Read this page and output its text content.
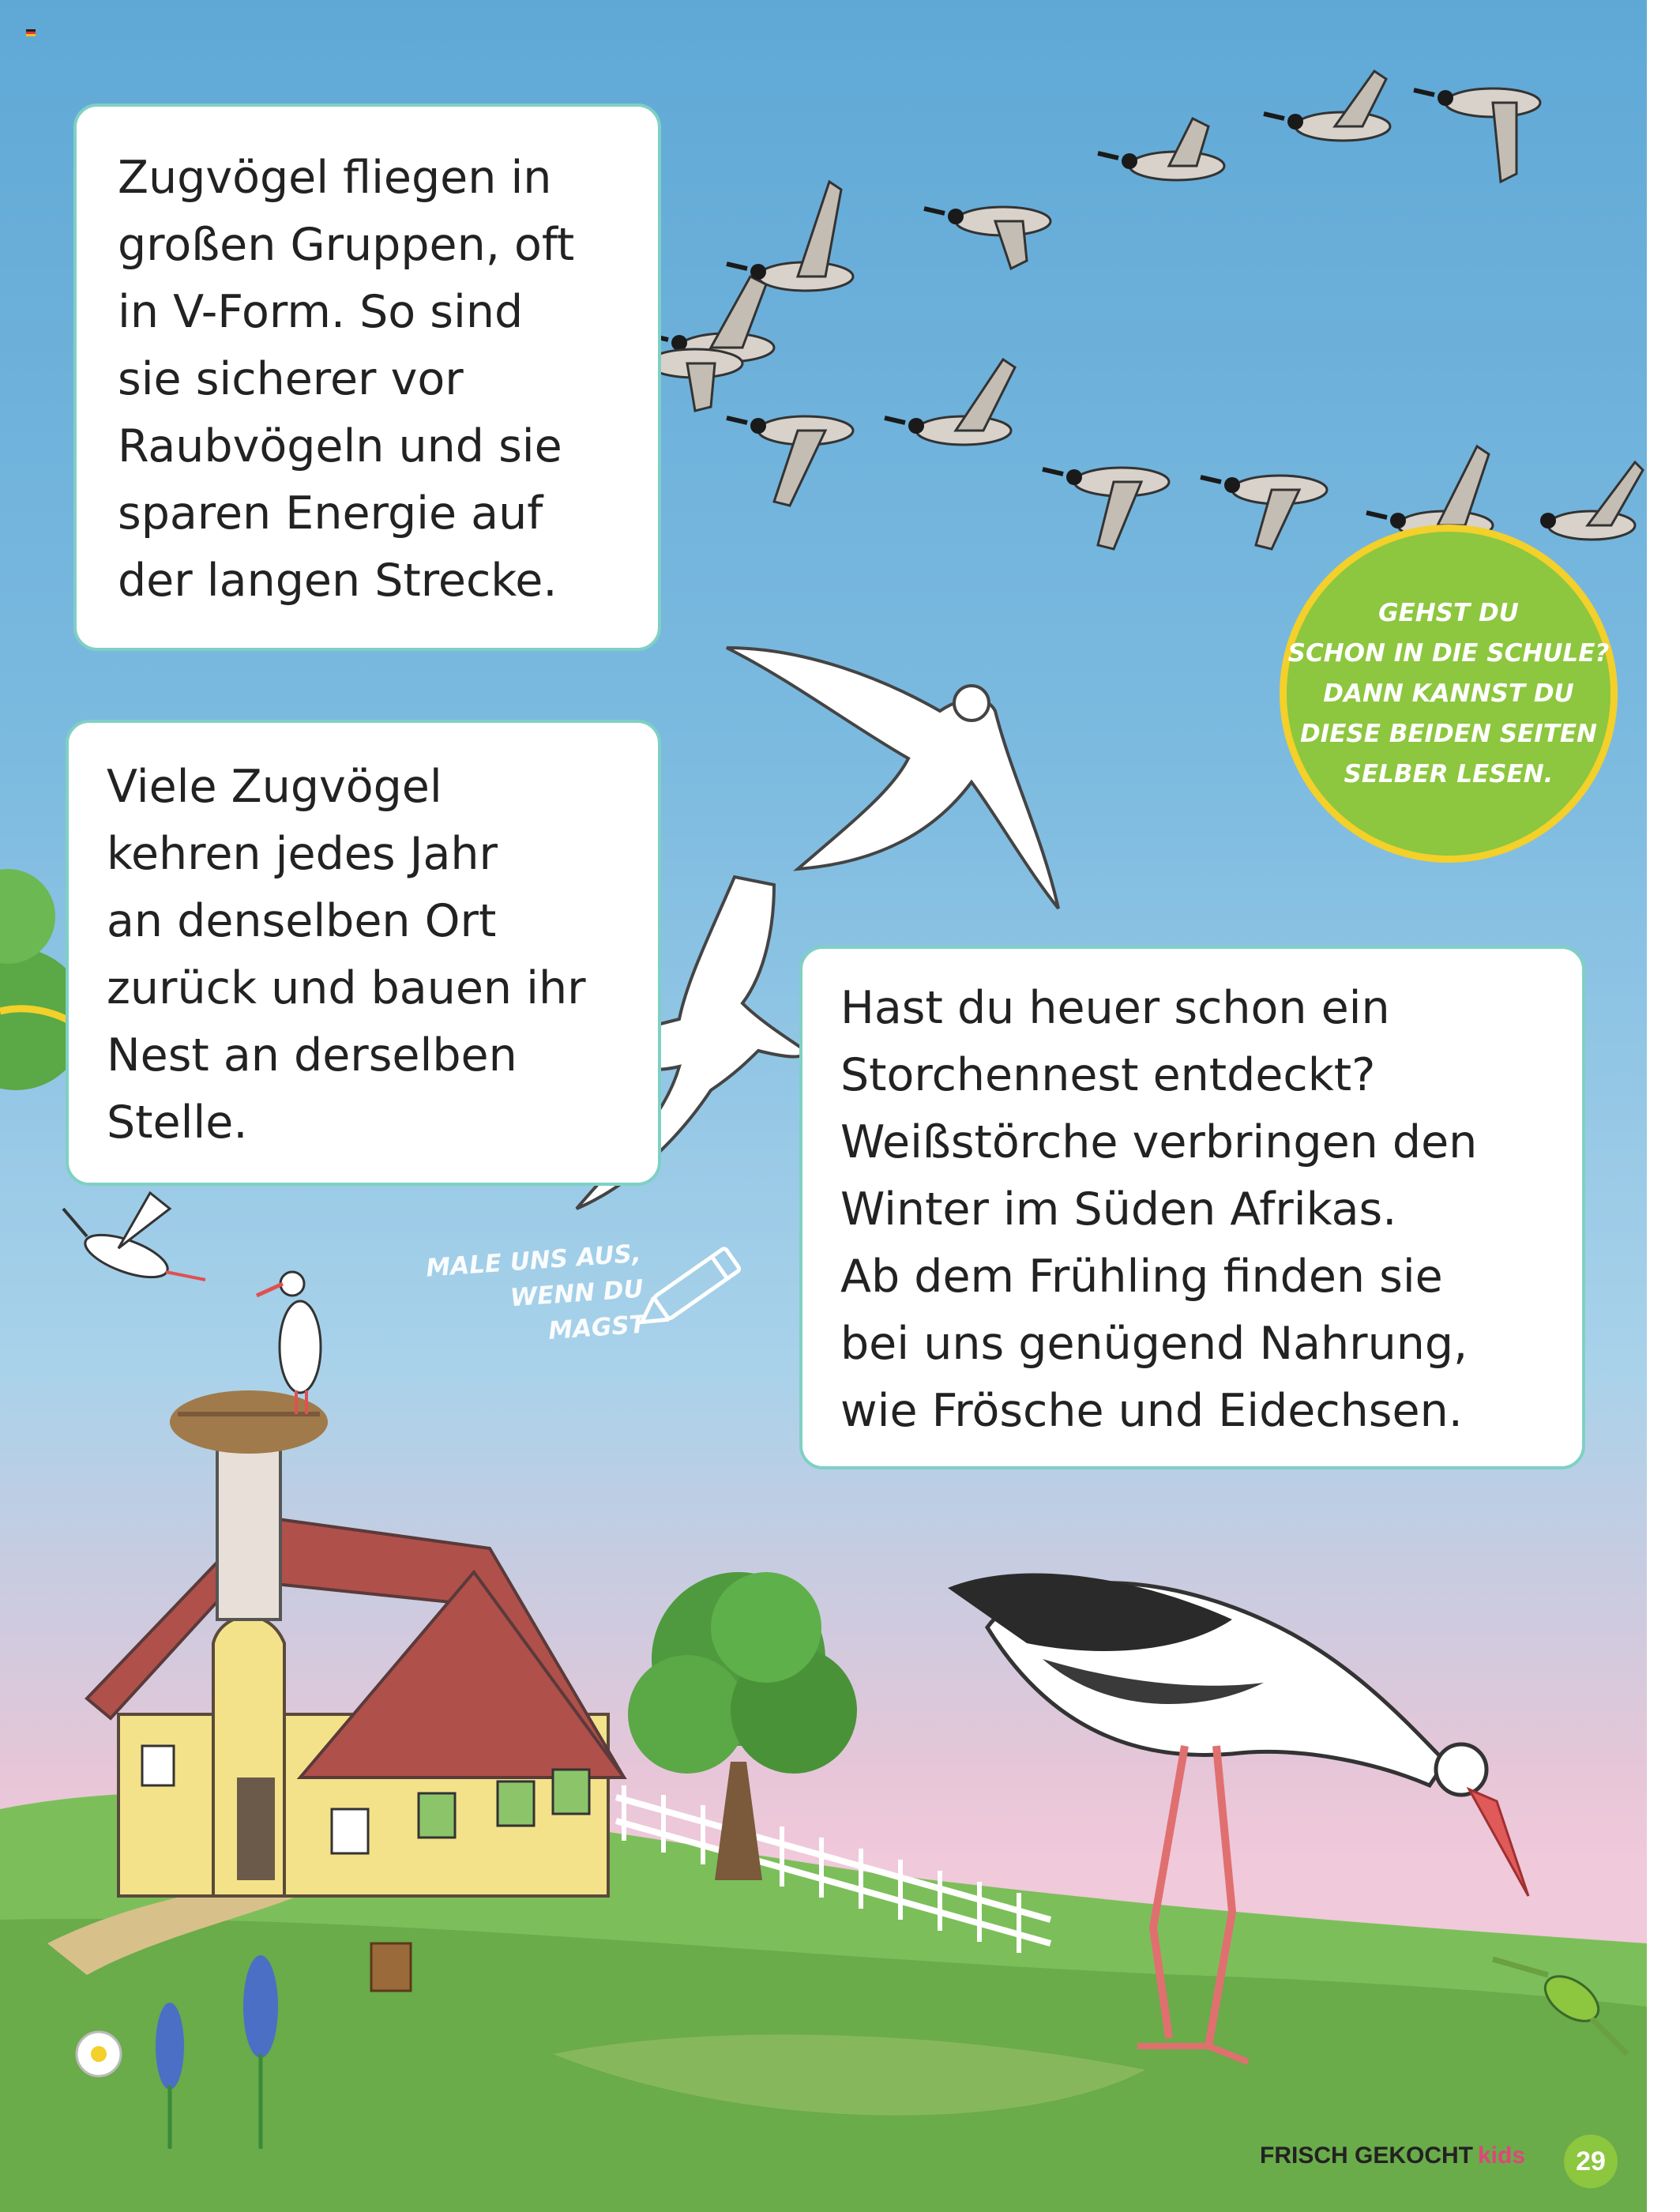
Zugvögel fliegen in
großen Gruppen, oft
in V-Form. So sind
sie sicherer vor
Raubvögeln und sie
sparen Energie auf
der langen Strecke.

Viele Zugvögel
kehren jedes Jahr
an denselben Ort
zurück und bauen ihr
Nest an derselben
Stelle.

Hast du heuer schon ein
Storchennest entdeckt?
Weißstörche verbringen den
Winter im Süden Afrikas.
Ab dem Frühling finden sie
bei uns genügend Nahrung,
wie Frösche und Eidechsen.

GEHST DU
SCHON IN DIE SCHULE?
DANN KANNST DU
DIESE BEIDEN SEITEN
SELBER LESEN.

MALE UNS AUS,
WENN DU MAGST
FRISCH GEKOCHT kids	29
